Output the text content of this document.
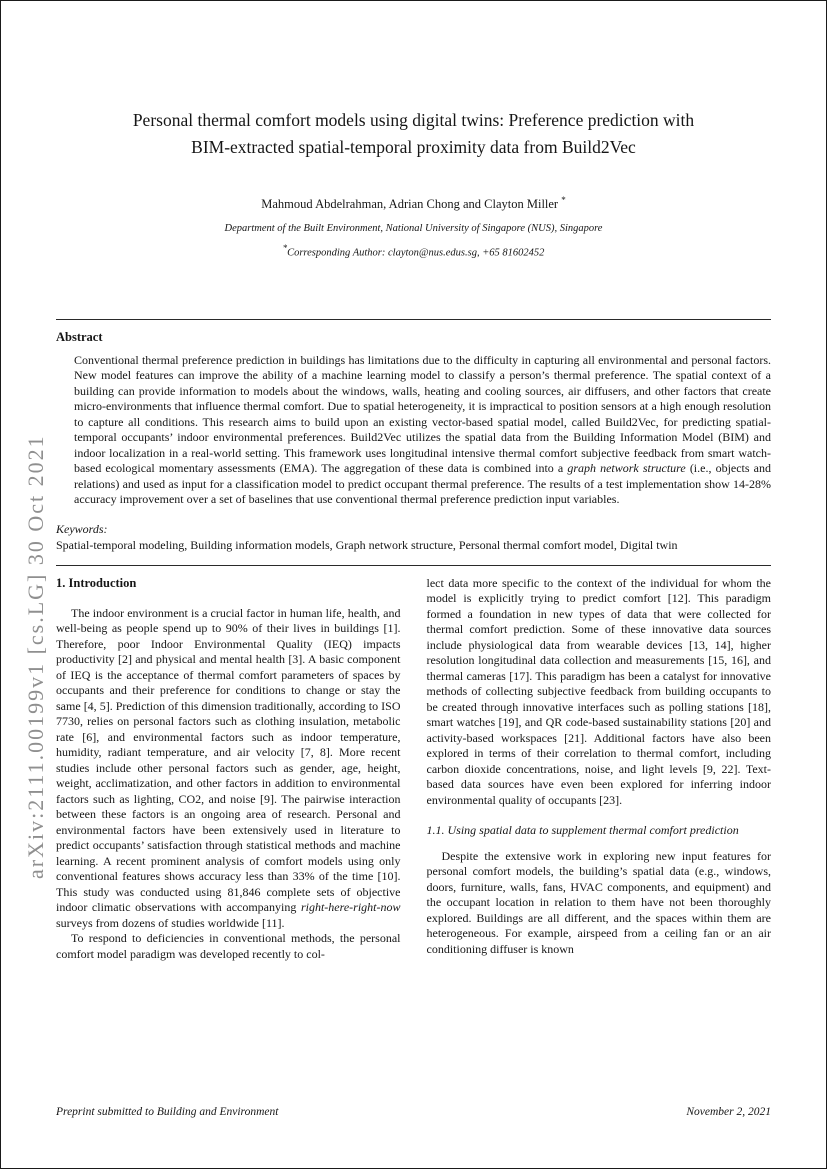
arXiv:2111.00199v1 [cs.LG] 30 Oct 2021
Personal thermal comfort models using digital twins: Preference prediction with
BIM-extracted spatial-temporal proximity data from Build2Vec
Mahmoud Abdelrahman, Adrian Chong and Clayton Miller *
Department of the Built Environment, National University of Singapore (NUS), Singapore
*Corresponding Author: clayton@nus.edus.sg, +65 81602452
Abstract

Conventional thermal preference prediction in buildings has limitations due to the difficulty in capturing all environmental and personal factors. New model features can improve the ability of a machine learning model to classify a person’s thermal preference. The spatial context of a building can provide information to models about the windows, walls, heating and cooling sources, air diffusers, and other factors that create micro-environments that influence thermal comfort. Due to spatial heterogeneity, it is impractical to position sensors at a high enough resolution to capture all conditions. This research aims to build upon an existing vector-based spatial model, called Build2Vec, for predicting spatial-temporal occupants’ indoor environmental preferences. Build2Vec utilizes the spatial data from the Building Information Model (BIM) and indoor localization in a real-world setting. This framework uses longitudinal intensive thermal comfort subjective feedback from smart watch-based ecological momentary assessments (EMA). The aggregation of these data is combined into a graph network structure (i.e., objects and relations) and used as input for a classification model to predict occupant thermal preference. The results of a test implementation show 14-28% accuracy improvement over a set of baselines that use conventional thermal preference prediction input variables.

Keywords:
Spatial-temporal modeling, Building information models, Graph network structure, Personal thermal comfort model, Digital twin
1. Introduction

The indoor environment is a crucial factor in human life, health, and well-being as people spend up to 90% of their lives in buildings [1]. Therefore, poor Indoor Environmental Quality (IEQ) impacts productivity [2] and physical and mental health [3]. A basic component of IEQ is the acceptance of thermal comfort parameters of spaces by occupants and their preference for conditions to change or stay the same [4, 5]. Prediction of this dimension traditionally, according to ISO 7730, relies on personal factors such as clothing insulation, metabolic rate [6], and environmental factors such as indoor temperature, humidity, radiant temperature, and air velocity [7, 8]. More recent studies include other personal factors such as gender, age, height, weight, acclimatization, and other factors in addition to environmental factors such as lighting, CO2, and noise [9]. The pairwise interaction between these factors is an ongoing area of research. Personal and environmental factors have been extensively used in literature to predict occupants’ satisfaction through statistical methods and machine learning. A recent prominent analysis of comfort models using only conventional features shows accuracy less than 33% of the time [10]. This study was conducted using 81,846 complete sets of objective indoor climatic observations with accompanying right-here-right-now surveys from dozens of studies worldwide [11].

To respond to deficiencies in conventional methods, the personal comfort model paradigm was developed recently to col-

lect data more specific to the context of the individual for whom the model is explicitly trying to predict comfort [12]. This paradigm formed a foundation in new types of data that were collected for thermal comfort prediction. Some of these innovative data sources include physiological data from wearable devices [13, 14], higher resolution longitudinal data collection and measurements [15, 16], and thermal cameras [17]. This paradigm has been a catalyst for innovative methods of collecting subjective feedback from building occupants to be created through innovative interfaces such as polling stations [18], smart watches [19], and QR code-based sustainability stations [20] and activity-based workspaces [21]. Additional factors have also been explored in terms of their correlation to thermal comfort, including carbon dioxide concentrations, noise, and light levels [9, 22]. Text-based data sources have even been explored for inferring indoor environmental quality of occupants [23].

1.1. Using spatial data to supplement thermal comfort prediction

Despite the extensive work in exploring new input features for personal comfort models, the building’s spatial data (e.g., windows, doors, furniture, walls, fans, HVAC components, and equipment) and the occupant location in relation to them have not been thoroughly explored. Buildings are all different, and the spaces within them are heterogeneous. For example, airspeed from a ceiling fan or an air conditioning diffuser is known

Preprint submitted to Building and Environment	November 2, 2021
